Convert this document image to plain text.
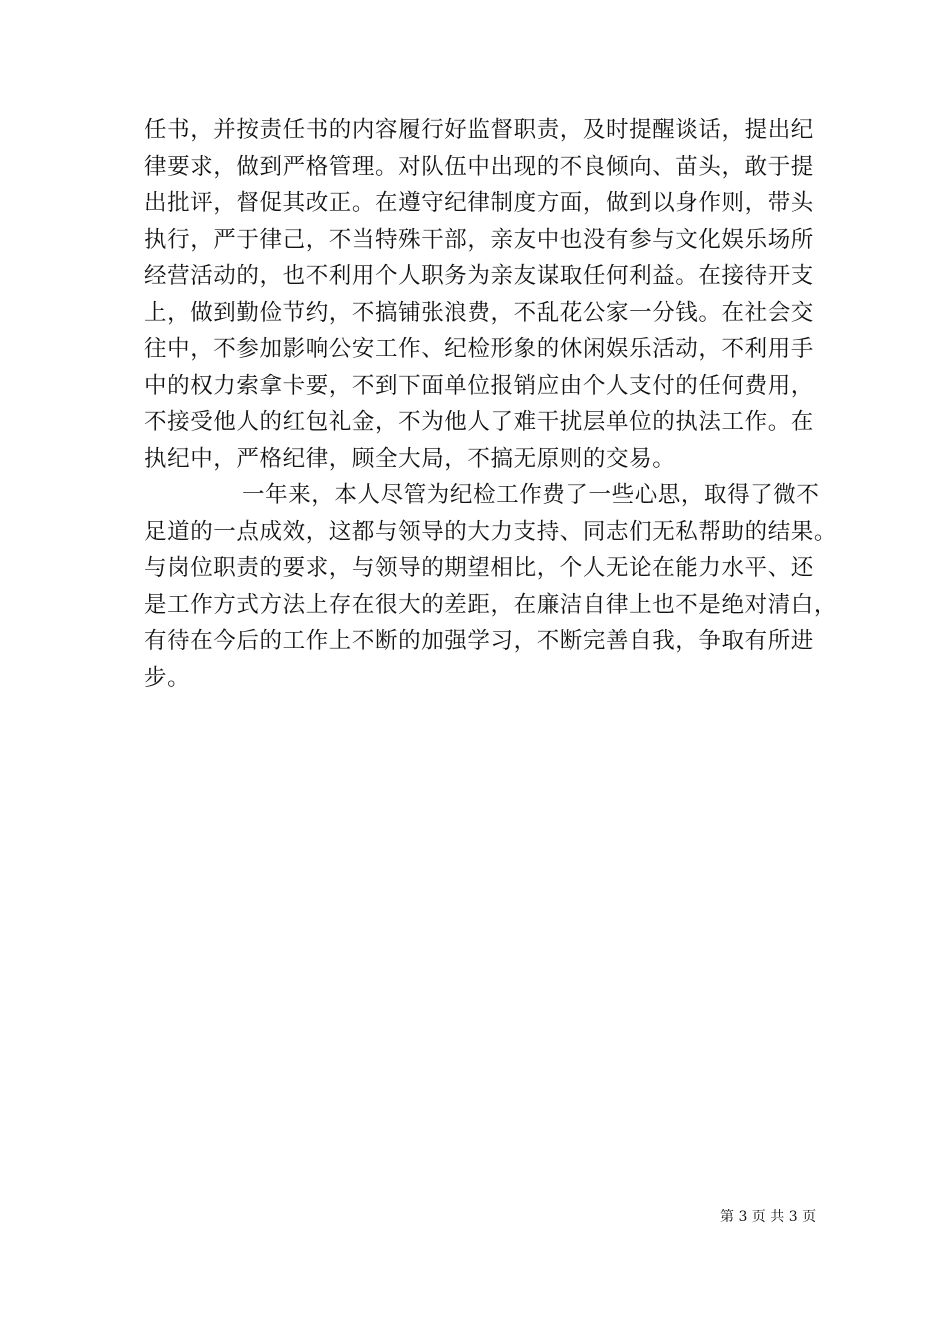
任书，并按责任书的内容履行好监督职责，及时提醒谈话，提出纪
律要求，做到严格管理。对队伍中出现的不良倾向、苗头，敢于提
出批评，督促其改正。在遵守纪律制度方面，做到以身作则，带头
执行，严于律己，不当特殊干部，亲友中也没有参与文化娱乐场所
经营活动的，也不利用个人职务为亲友谋取任何利益。在接待开支
上，做到勤俭节约，不搞铺张浪费，不乱花公家一分钱。在社会交
往中，不参加影响公安工作、纪检形象的休闲娱乐活动，不利用手
中的权力索拿卡要，不到下面单位报销应由个人支付的任何费用，
不接受他人的红包礼金，不为他人了难干扰层单位的执法工作。在
执纪中，严格纪律，顾全大局，不搞无原则的交易。
一年来，本人尽管为纪检工作费了一些心思，取得了微不
足道的一点成效，这都与领导的大力支持、同志们无私帮助的结果。
与岗位职责的要求，与领导的期望相比，个人无论在能力水平、还
是工作方式方法上存在很大的差距，在廉洁自律上也不是绝对清白，
有待在今后的工作上不断的加强学习，不断完善自我，争取有所进
步。
第 3 页 共 3 页
